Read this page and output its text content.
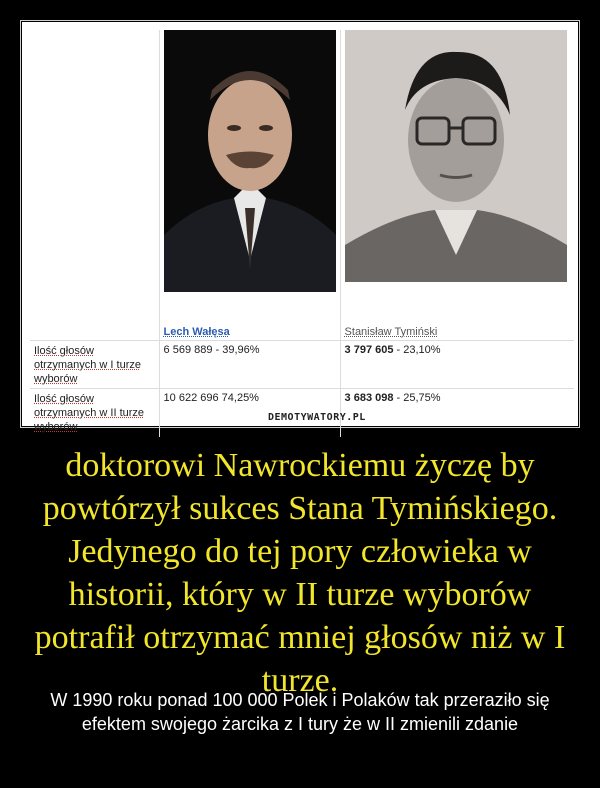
	Lech Wałęsa	Stanisław Tymiński
Ilość głosów otrzymanych w I turze wyborów	6 569 889 - 39,96%	3 797 605 - 23,10%
Ilość głosów otrzymanych w II turze wyborów	10 622 696 74,25%	3 683 098 - 25,75%
DEMOTYWATORY.PL
doktorowi Nawrockiemu życzę by powtórzył sukces Stana Tymińskiego. Jedynego do tej pory człowieka w historii, który w II turze wyborów potrafił otrzymać mniej głosów niż w I turze.
W 1990 roku ponad 100 000 Polek i Polaków tak przeraziło się efektem swojego żarcika z I tury że w II zmienili zdanie
